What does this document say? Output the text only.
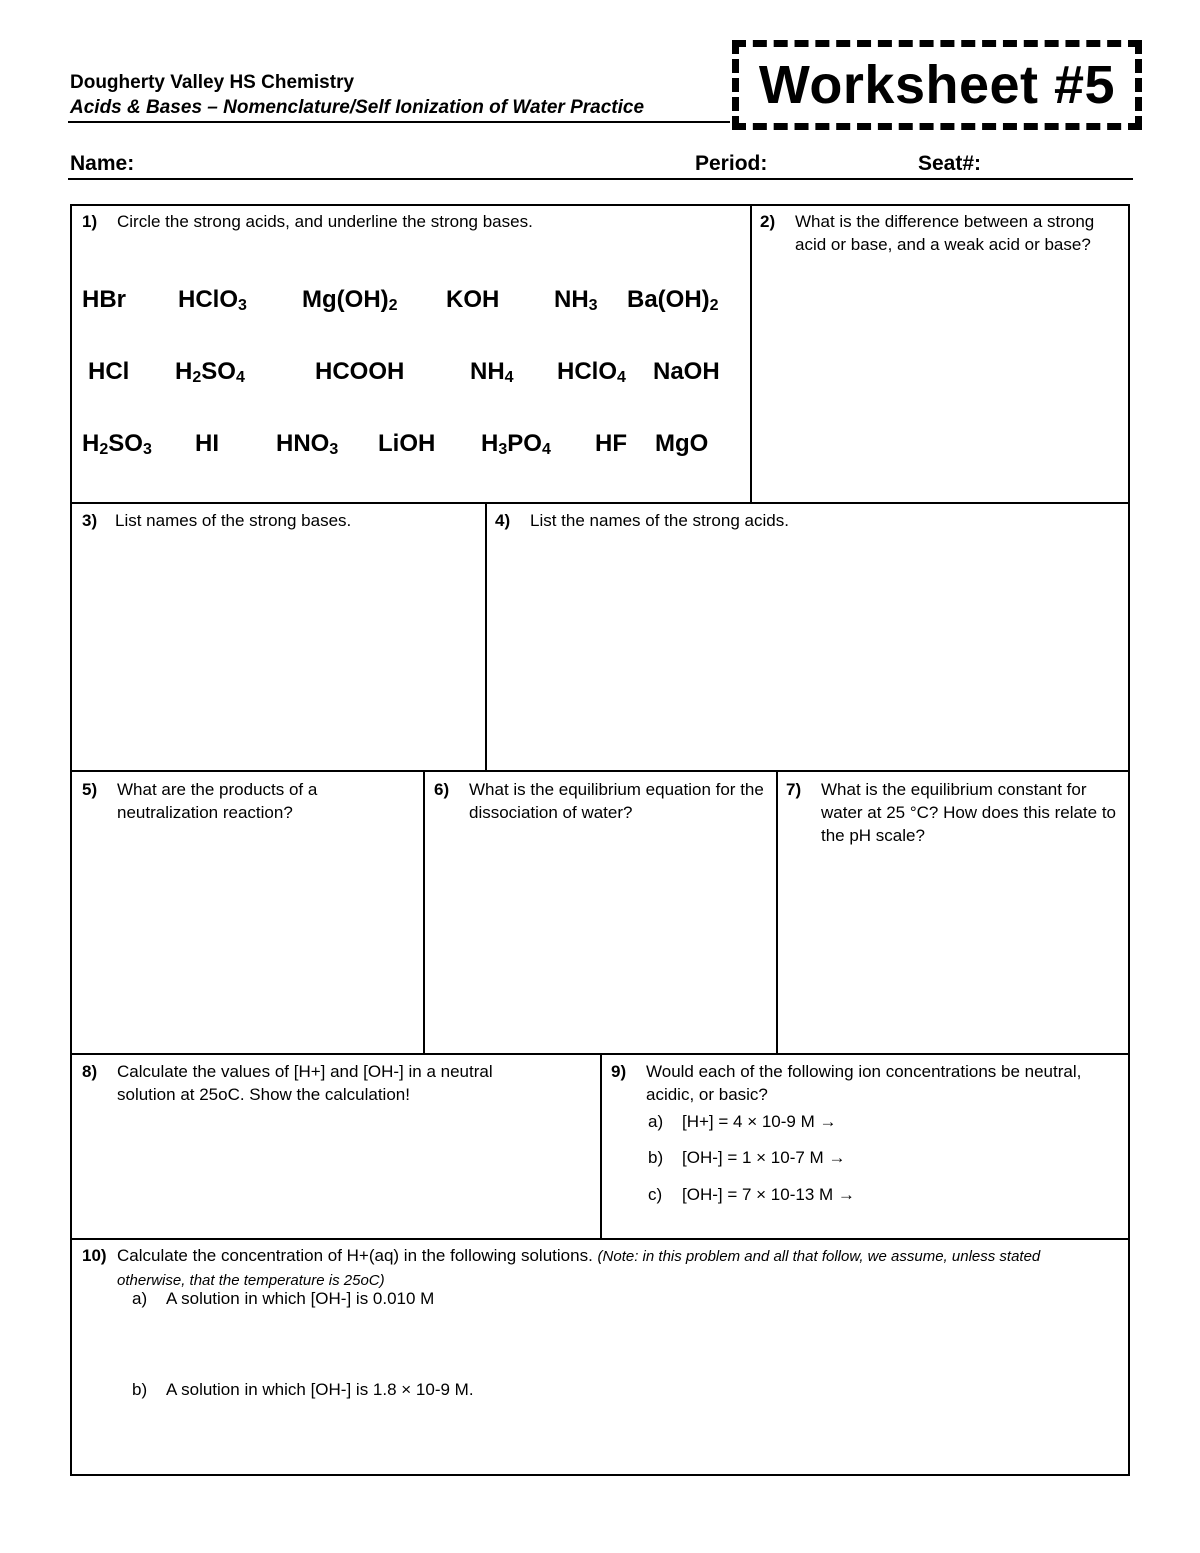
Dougherty Valley HS Chemistry
Acids & Bases – Nomenclature/Self Ionization of Water Practice Worksheet #5
Name:	Period:	Seat#:
1)	Circle the strong acids, and underline the strong bases.
HBr HClO$_3$ $Mg(OH)_2$ KOH $NH_3$ $Ba(OH)_2$
HCl $H_2SO_4$	HCOOH	$NH_4$ HClO$_4$ NaOH
$H_2SO_3$ HI $HNO_3$ LiOH $H_3PO_4$ HF MgO
2)	What is the difference between a strong acid or base, and a weak acid or base?
3)	List names of the strong bases.	4)	List the names of the strong acids.
5)	What are the products of a neutralization reaction?
6)	What is the equilibrium equation for the dissociation of water?
7)	What is the equilibrium constant for water at 25 °C? How does this relate to the pH scale?
8)	Calculate the values of [H+] and [OH-] in a neutral solution at 25oC. Show the calculation!
9)	Would each of the following ion concentrations be neutral, acidic, or basic?
a) [H+] = 4 × 10-9 M →
b) [OH-] = 1 × 10-7 M →
c) [OH-] = 7 × 10-13 M →
10) Calculate the concentration of H+(aq) in the following solutions. (Note: in this problem and all that follow, we assume, unless stated otherwise, that the temperature is 25oC)
a) A solution in which [OH-] is 0.010 M
b) A solution in which [OH-] is 1.8 × 10-9 M.
